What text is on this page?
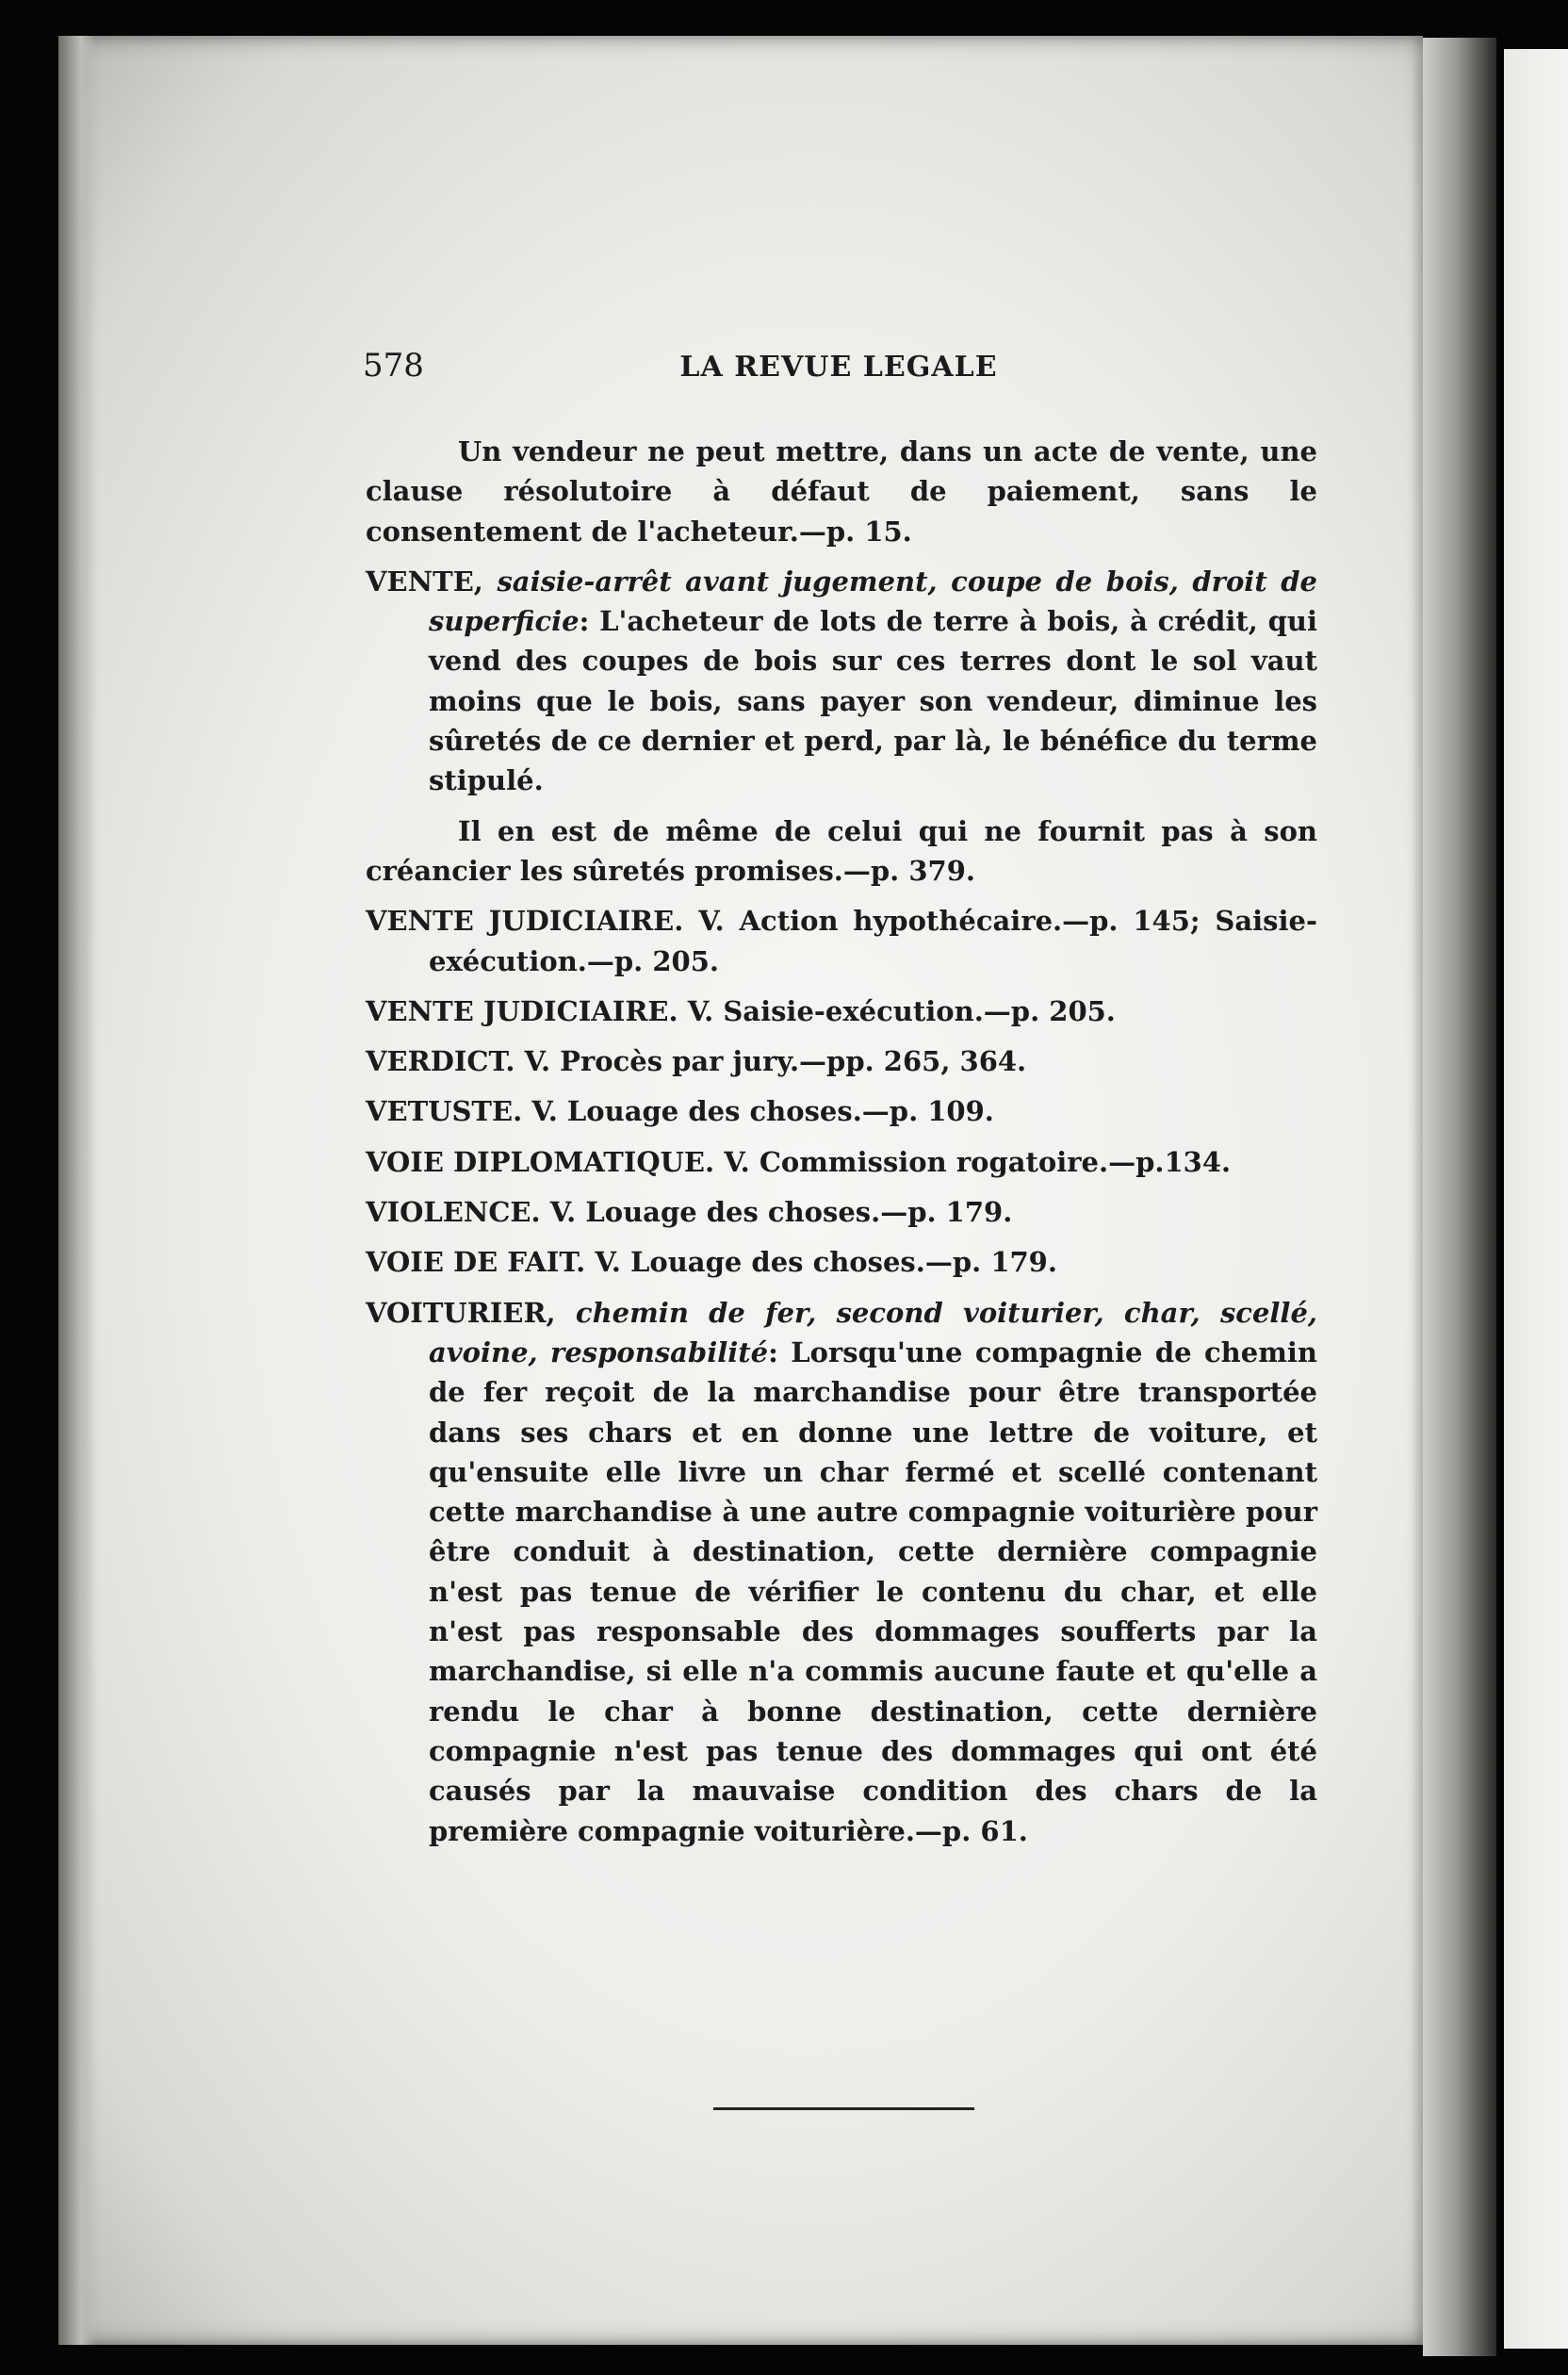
578	LA REVUE LEGALE

Un vendeur ne peut mettre, dans un acte de vente, une clause résolutoire à défaut de paiement, sans le consentement de l'acheteur.—p. 15.

VENTE, saisie-arrêt avant jugement, coupe de bois, droit de superficie: L'acheteur de lots de terre à bois, à crédit, qui vend des coupes de bois sur ces terres dont le sol vaut moins que le bois, sans payer son vendeur, diminue les sûretés de ce dernier et perd, par là, le bénéfice du terme stipulé.

Il en est de même de celui qui ne fournit pas à son créancier les sûretés promises.—p. 379.

VENTE JUDICIAIRE. V. Action hypothécaire.—p. 145; Saisie-exécution.—p. 205.

VENTE JUDICIAIRE. V. Saisie-exécution.—p. 205.

VERDICT. V. Procès par jury.—pp. 265, 364.

VETUSTE. V. Louage des choses.—p. 109.

VOIE DIPLOMATIQUE. V. Commission rogatoire.—p.134.

VIOLENCE. V. Louage des choses.—p. 179.

VOIE DE FAIT. V. Louage des choses.—p. 179.

VOITURIER, chemin de fer, second voiturier, char, scellé, avoine, responsabilité: Lorsqu'une compagnie de chemin de fer reçoit de la marchandise pour être transportée dans ses chars et en donne une lettre de voiture, et qu'ensuite elle livre un char fermé et scellé contenant cette marchandise à une autre compagnie voiturière pour être conduit à destination, cette dernière compagnie n'est pas tenue de vérifier le contenu du char, et elle n'est pas responsable des dommages soufferts par la marchandise, si elle n'a commis aucune faute et qu'elle a rendu le char à bonne destination, cette dernière compagnie n'est pas tenue des dommages qui ont été causés par la mauvaise condition des chars de la première compagnie voiturière.—p. 61.
